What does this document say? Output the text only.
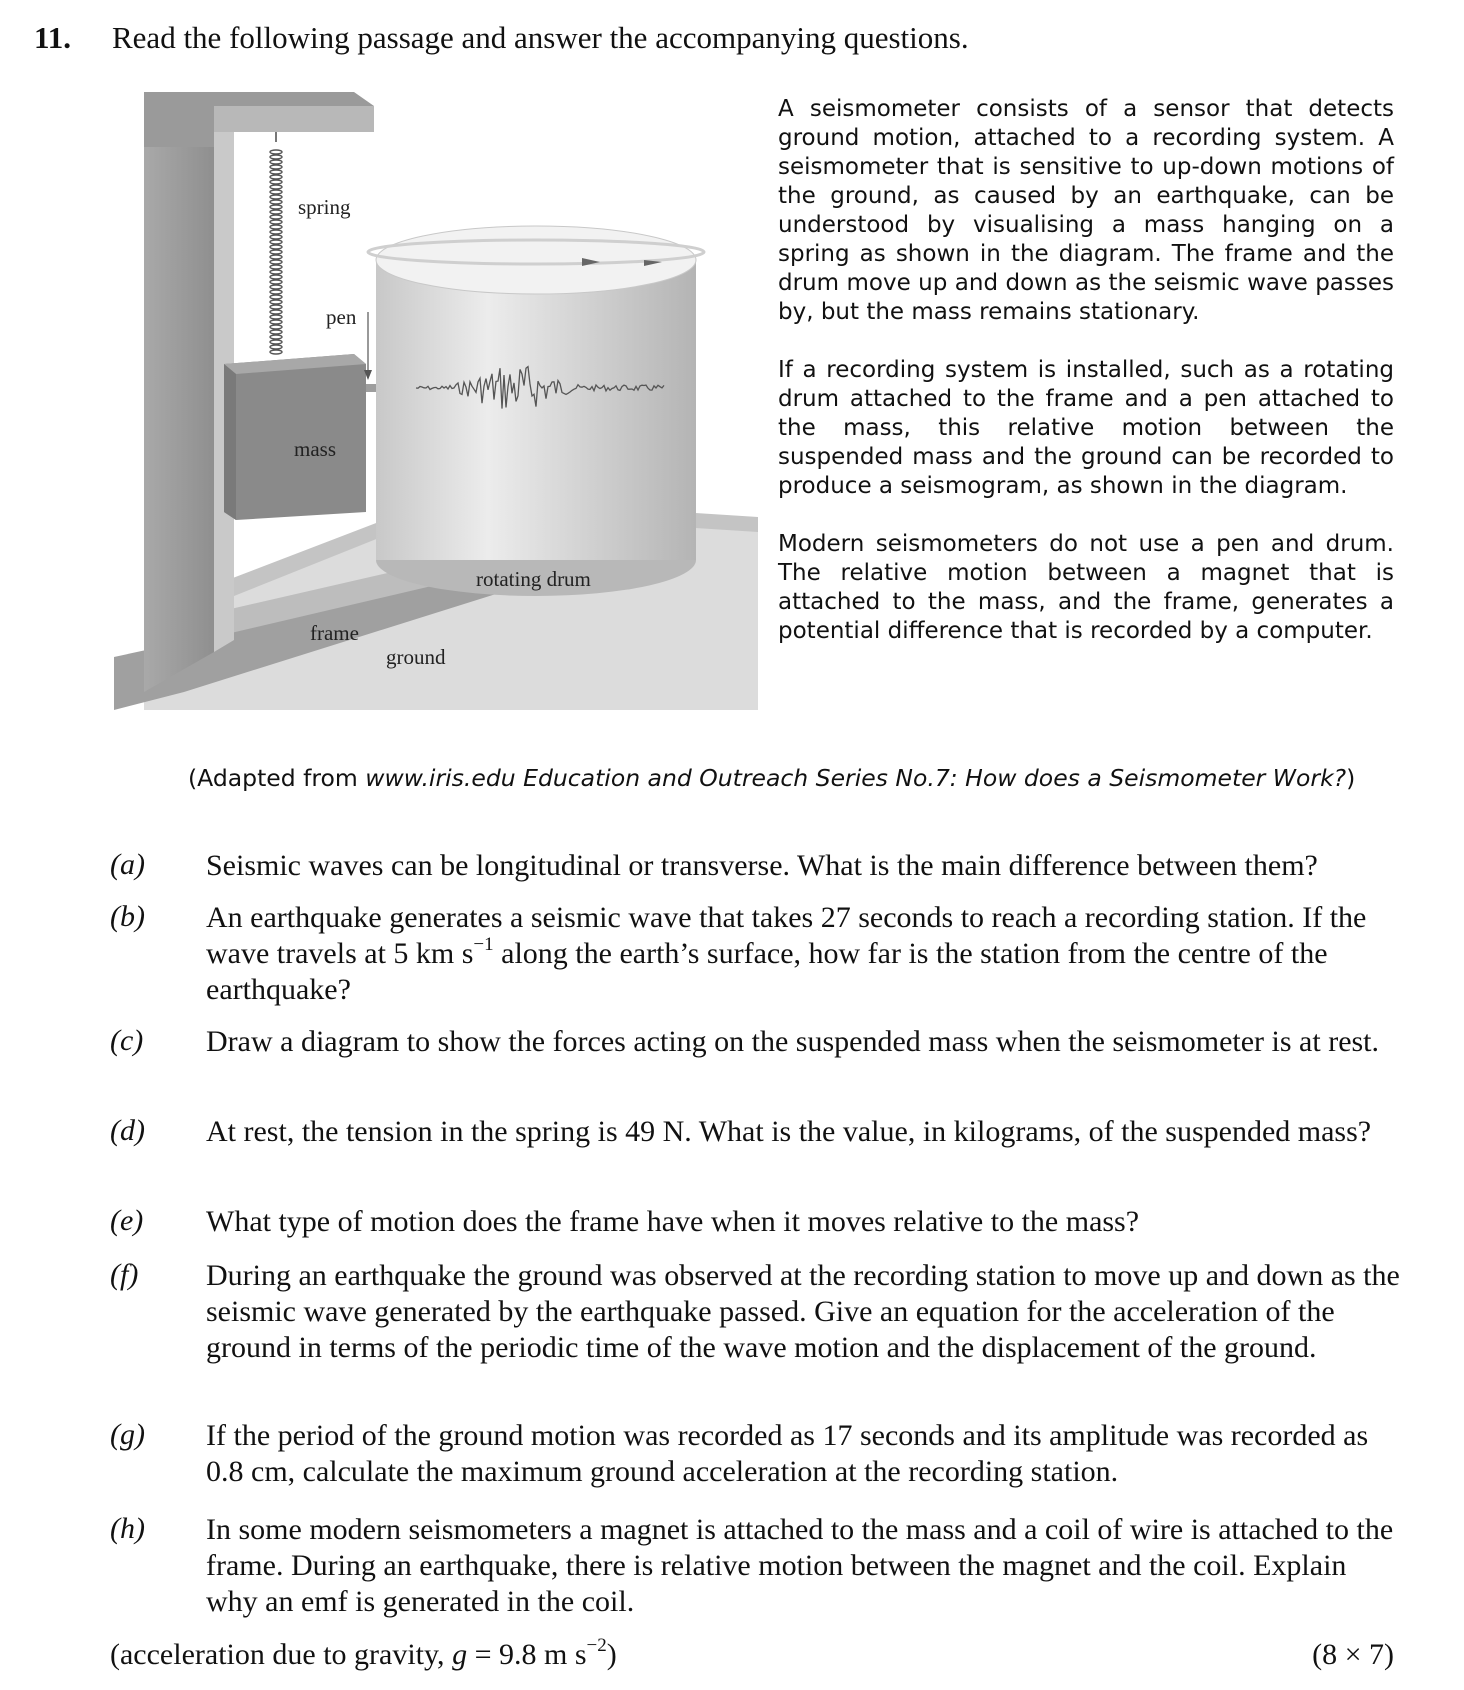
11. Read the following passage and answer the accompanying questions.
spring
pen
mass
rotating drum
frame
ground

A seismometer consists of a sensor that detects ground motion, attached to a recording system. A seismometer that is sensitive to up-down motions of the ground, as caused by an earthquake, can be understood by visualising a mass hanging on a spring as shown in the diagram. The frame and the drum move up and down as the seismic wave passes by, but the mass remains stationary.

If a recording system is installed, such as a rotating drum attached to the frame and a pen attached to the mass, this relative motion between the suspended mass and the ground can be recorded to produce a seismogram, as shown in the diagram.

Modern seismometers do not use a pen and drum. The relative motion between a magnet that is attached to the mass, and the frame, generates a potential difference that is recorded by a computer.

(Adapted from www.iris.edu Education and Outreach Series No.7: How does a Seismometer Work?)
(a) Seismic waves can be longitudinal or transverse. What is the main difference between them?
(b) An earthquake generates a seismic wave that takes 27 seconds to reach a recording station. If the wave travels at 5 km $s^{-1}$ along the earth’s surface, how far is the station from the centre of the earthquake?
(c) Draw a diagram to show the forces acting on the suspended mass when the seismometer is at rest.
(d) At rest, the tension in the spring is 49 N. What is the value, in kilograms, of the suspended mass?
(e) What type of motion does the frame have when it moves relative to the mass?
(f) During an earthquake the ground was observed at the recording station to move up and down as the seismic wave generated by the earthquake passed. Give an equation for the acceleration of the ground in terms of the periodic time of the wave motion and the displacement of the ground.
(g) If the period of the ground motion was recorded as 17 seconds and its amplitude was recorded as 0.8 cm, calculate the maximum ground acceleration at the recording station.
(h) In some modern seismometers a magnet is attached to the mass and a coil of wire is attached to the frame. During an earthquake, there is relative motion between the magnet and the coil. Explain why an emf is generated in the coil.
(acceleration due to gravity, g = 9.8 m $s^{-2}$)	(8 × 7)
